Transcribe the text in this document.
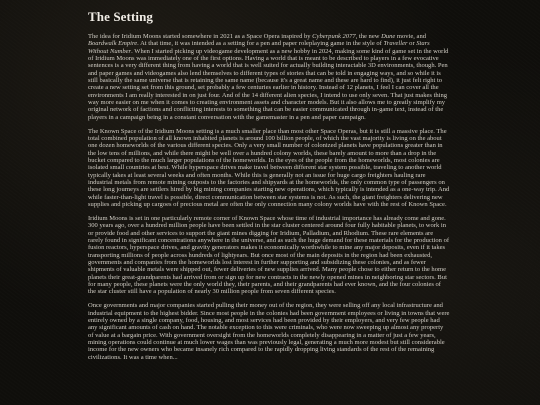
The Setting

The idea for Iridium Moons started somewhere in 2021 as a Space Opera inspired by Cyberpunk 2077, the new Dune movie, and Boardwalk Empire. At that time, it was intended as a setting for a pen and paper roleplaying game in the style of Traveller or Stars Without Number. When I started picking up videogame development as a new hobby in 2024, making some kind of game set in the world of Iridium Moons was immediately one of the first options. Having a world that is meant to be described to players in a few evocative sentences is a very different thing from having a world that is well suited for actually building interactable 3D environments, though. Pen and paper games and videogames also lend themselves to different types of stories that can be told in engaging ways, and so while it is still basically the same universe that is retaining the same name (because it's a great name and these are hard to find), it just felt right to create a new setting set from this ground, set probably a few centuries earlier in history. Instead of 12 planets, I feel I can cover all the environments I am really interested in on just four. And of the 14 different alien species, I intend to use only seven. That just makes thing way more easier on me when it comes to creating environment assets and character models. But it also allows me to greatly simplify my original network of factions and conflicting interests to something that can be easier communicated through in-game text, instead of the players in a campaign being in a constant conversation with the gamemaster in a pen and paper campaign.

The Known Space of the Iridium Moons setting is a much smaller place than most other Space Operas, but it is still a massive place. The total combined population of all known inhabited planets is around 100 billion people, of which the vast majority is living on the about one dozen homeworlds of the various different species. Only a very small number of colonized planets have populations greater than in the low tens of millions, and while there might be well over a hundred colony worlds, these barely amount to more than a drop in the bucket compared to the much larger populations of the homeworlds. In the eyes of the people from the homeworlds, most colonies are isolated small countries at best. While hyperspace drives make travel between different star system possible, traveling to another world typically takes at least several weeks and often months. While this is generally not an issue for huge cargo freighters hauling rare industrial metals from remote mining outposts to the factories and shipyards at the homeworlds, the only common type of passengers on these long journeys are settlers hired by big mining companies starting new operations, which typically is intended as a one-way trip. And while faster-than-light travel is possible, direct communication between star systems is not. As such, the giant freighters delivering new supplies and picking up cargoes of precious metal are often the only connection many colony worlds have with the rest of Known Space.

Iridium Moons is set in one particularly remote corner of Known Space whose time of industrial importance has already come and gone. 300 years ago, over a hundred million people have been settled in the star cluster centered around four fully habitable planets, to work in or provide food and other services to support the giant mines digging for Iridium, Palladium, and Rhodium. These rare elements are rarely found in significant concentrations anywhere in the universe, and as such the huge demand for these materials for the production of fusion reactors, hyperspace drives, and gravity generators makes it economically worthwhile to mine any major deposits, even if it takes transporting millions of people across hundreds of lightyears. But once most of the main deposits in the region had been exhausted, governments and companies from the homeworlds lost interest in further supporting and subsidizing these colonies, and as fewer shipments of valuable metals were shipped out, fewer deliveries of new supplies arrived. Many people chose to either return to the home planets their great-grandparents had arrived from or sign up for new contracts in the newly opened mines in neighboring star sectors. But for many people, these planets were the only world they, their parents, and their grandparents had ever known, and the four colonies of the star cluster still have a population of nearly 30 million people from seven different species.

Once governments and major companies started pulling their money out of the region, they were selling off any local infrastructure and industrial equipment to the highest bidder. Since most people in the colonies had been government employees or living in towns that were entirely owned by a single company, food, housing, and most services had been provided by their employers, and very few people had any significant amounts of cash on hand. The notable exception to this were criminals, who were now sweeping up almost any property of value at a bargain price. With government oversight from the homeworlds completely disappearing in a matter of just a few years, mining operations could continue at much lower wages than was previously legal, generating a much more modest but still considerable income for the new owners who became insanely rich compared to the rapidly dropping living standards of the rest of the remaining civilizations. It was a time when...
